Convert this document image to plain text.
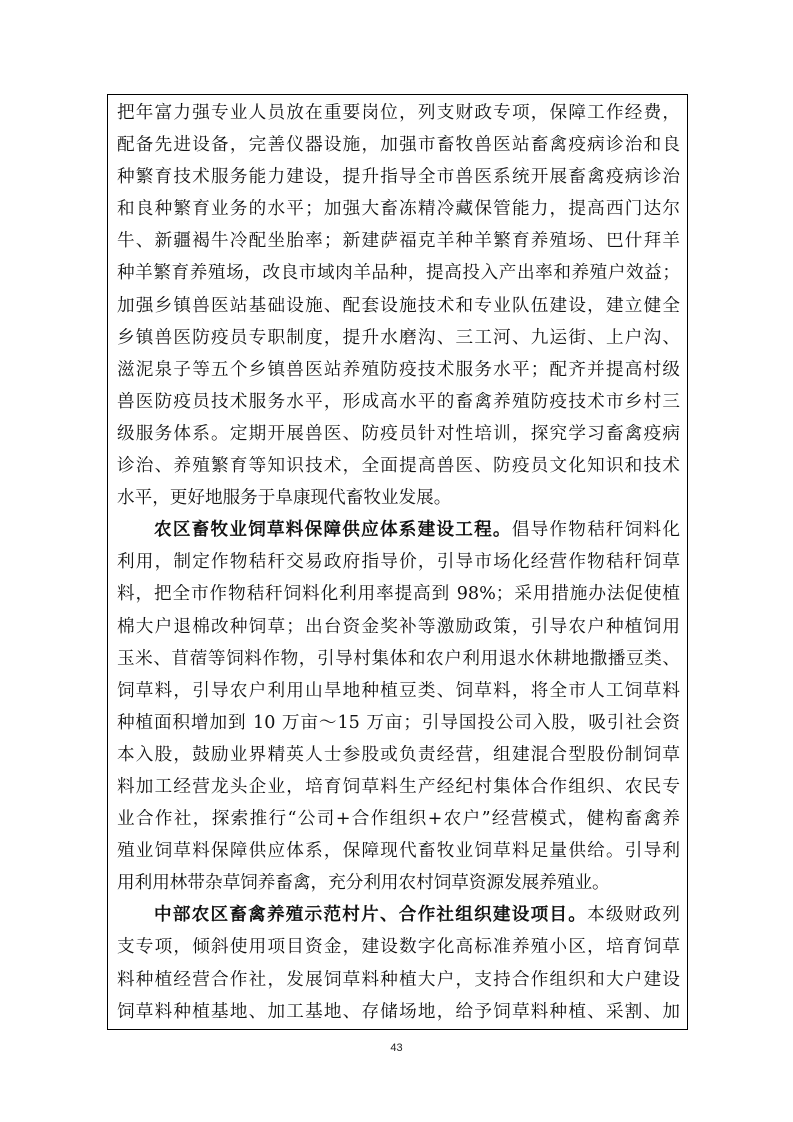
把年富力强专业人员放在重要岗位，列支财政专项，保障工作经费，
配备先进设备，完善仪器设施，加强市畜牧兽医站畜禽疫病诊治和良
种繁育技术服务能力建设，提升指导全市兽医系统开展畜禽疫病诊治
和良种繁育业务的水平；加强大畜冻精冷藏保管能力，提高西门达尔
牛、新疆褐牛冷配坐胎率；新建萨福克羊种羊繁育养殖场、巴什拜羊
种羊繁育养殖场，改良市域肉羊品种，提高投入产出率和养殖户效益；
加强乡镇兽医站基础设施、配套设施技术和专业队伍建设，建立健全
乡镇兽医防疫员专职制度，提升水磨沟、三工河、九运街、上户沟、
滋泥泉子等五个乡镇兽医站养殖防疫技术服务水平；配齐并提高村级
兽医防疫员技术服务水平，形成高水平的畜禽养殖防疫技术市乡村三
级服务体系。定期开展兽医、防疫员针对性培训，探究学习畜禽疫病
诊治、养殖繁育等知识技术，全面提高兽医、防疫员文化知识和技术
水平，更好地服务于阜康现代畜牧业发展。

农区畜牧业饲草料保障供应体系建设工程。倡导作物秸秆饲料化
利用，制定作物秸秆交易政府指导价，引导市场化经营作物秸秆饲草
料，把全市作物秸秆饲料化利用率提高到 98%；采用措施办法促使植
棉大户退棉改种饲草；出台资金奖补等激励政策，引导农户种植饲用
玉米、苜蓿等饲料作物，引导村集体和农户利用退水休耕地撒播豆类、
饲草料，引导农户利用山旱地种植豆类、饲草料，将全市人工饲草料
种植面积增加到 10 万亩～15 万亩；引导国投公司入股，吸引社会资
本入股，鼓励业界精英人士参股或负责经营，组建混合型股份制饲草
料加工经营龙头企业，培育饲草料生产经纪村集体合作组织、农民专
业合作社，探索推行“公司+合作组织+农户”经营模式，健构畜禽养
殖业饲草料保障供应体系，保障现代畜牧业饲草料足量供给。引导利
用利用林带杂草饲养畜禽，充分利用农村饲草资源发展养殖业。

中部农区畜禽养殖示范村片、合作社组织建设项目。本级财政列
支专项，倾斜使用项目资金，建设数字化高标准养殖小区，培育饲草
料种植经营合作社，发展饲草料种植大户，支持合作组织和大户建设
饲草料种植基地、加工基地、存储场地，给予饲草料种植、采割、加

43
